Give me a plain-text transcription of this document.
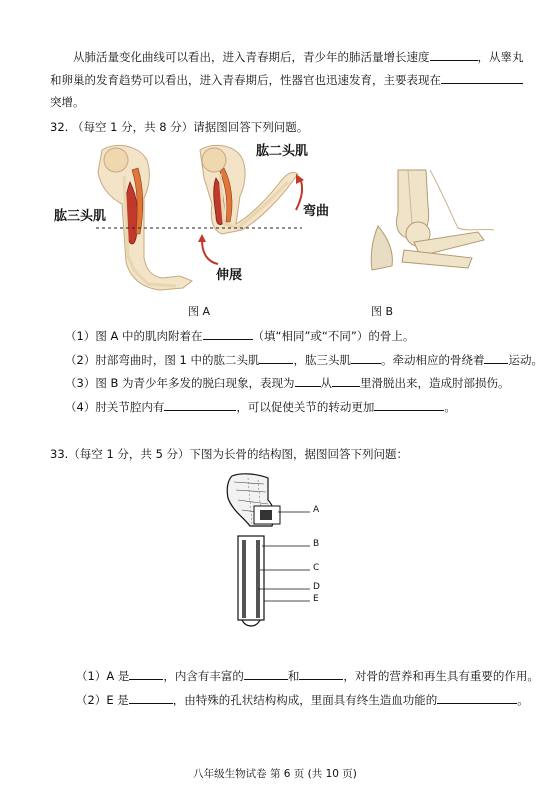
从肺活量变化曲线可以看出，进入青春期后，青少年的肺活量增长速度	，从睾丸
和卵巢的发育趋势可以看出，进入青春期后，性器官也迅速发育，主要表现在
突增。
32. （每空 1 分，共 8 分）请据图回答下列问题。
肱二头肌
肱三头肌	弯曲
伸展
图 A	图 B
（1）图 A 中的肌肉附着在	（填“相同”或“不同”）的骨上。
（2）肘部弯曲时，图 1 中的肱二头肌	，肱三头肌	。牵动相应的骨绕着 运动。
（3）图 B 为青少年多发的脱臼现象，表现为 从 里滑脱出来，造成肘部损伤。
（4）肘关节腔内有	，可以促使关节的转动更加	。
33.（每空 1 分，共 5 分）下图为长骨的结构图，据图回答下列问题：
A
B
C
D
E
（1）A 是	，内含有丰富的	和	，对骨的营养和再生具有重要的作用。
（2）E 是	，由特殊的孔状结构构成，里面具有终生造血功能的	。
八年级生物试卷 第 6 页 (共 10 页)
